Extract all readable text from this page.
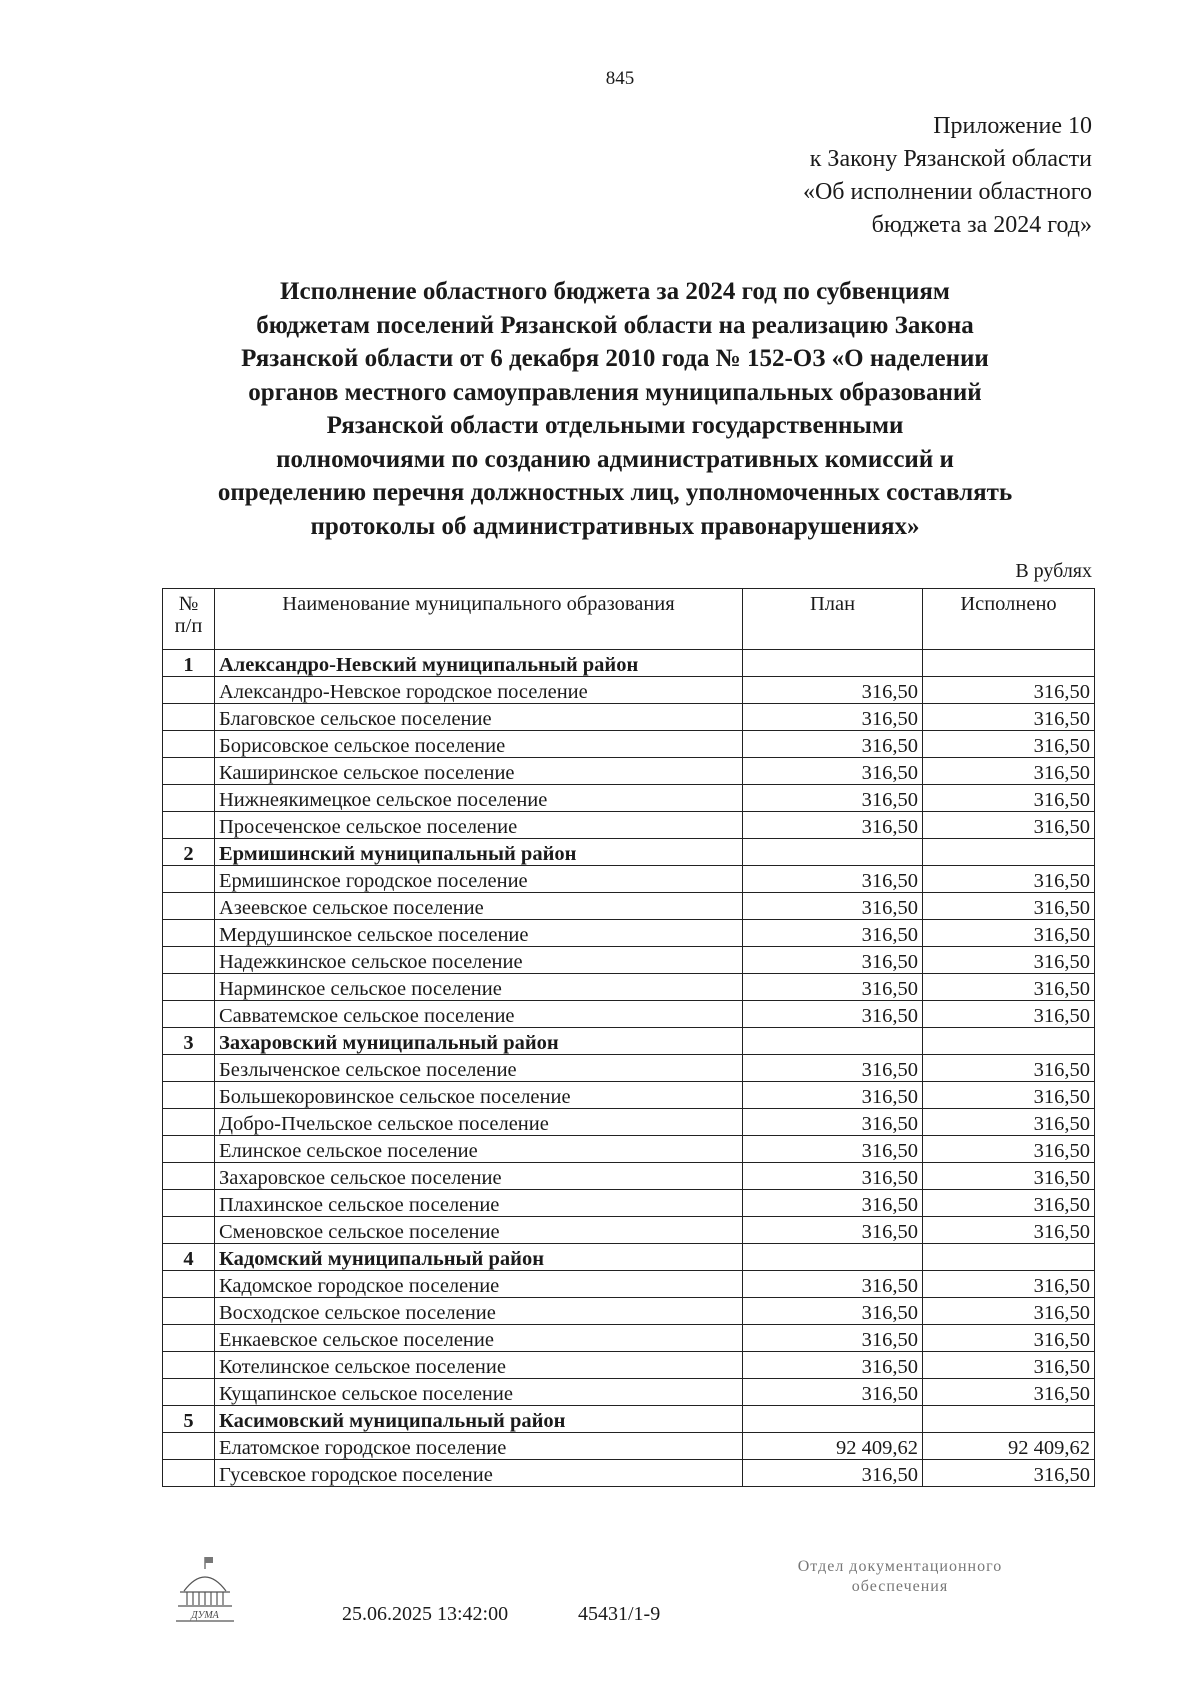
845
Приложение 10
к Закону Рязанской области
«Об исполнении областного
бюджета за 2024 год»
Исполнение областного бюджета за 2024 год по субвенциям
бюджетам поселений Рязанской области на реализацию Закона
Рязанской области от 6 декабря 2010 года № 152-ОЗ «О наделении
органов местного самоуправления муниципальных образований
Рязанской области отдельными государственными
полномочиями по созданию административных комиссий и
определению перечня должностных лиц, уполномоченных составлять
протоколы об административных правонарушениях»
В рублях
№
п/п	Наименование муниципального образования	План	Исполнено
1	Александро-Невский муниципальный район		
	Александро-Невское городское поселение	316,50	316,50
	Благовское сельское поселение	316,50	316,50
	Борисовское сельское поселение	316,50	316,50
	Каширинское сельское поселение	316,50	316,50
	Нижнеякимецкое сельское поселение	316,50	316,50
	Просеченское сельское поселение	316,50	316,50
2	Ермишинский муниципальный район		
	Ермишинское городское поселение	316,50	316,50
	Азеевское сельское поселение	316,50	316,50
	Мердушинское сельское поселение	316,50	316,50
	Надежкинское сельское поселение	316,50	316,50
	Нарминское сельское поселение	316,50	316,50
	Савватемское сельское поселение	316,50	316,50
3	Захаровский муниципальный район		
	Безлыченское сельское поселение	316,50	316,50
	Большекоровинское сельское поселение	316,50	316,50
	Добро-Пчельское сельское поселение	316,50	316,50
	Елинское сельское поселение	316,50	316,50
	Захаровское сельское поселение	316,50	316,50
	Плахинское сельское поселение	316,50	316,50
	Сменовское сельское поселение	316,50	316,50
4	Кадомский муниципальный район		
	Кадомское городское поселение	316,50	316,50
	Восходское сельское поселение	316,50	316,50
	Енкаевское сельское поселение	316,50	316,50
	Котелинское сельское поселение	316,50	316,50
	Кущапинское сельское поселение	316,50	316,50
5	Касимовский муниципальный район		
	Елатомское городское поселение	92 409,62	92 409,62
	Гусевское городское поселение	316,50	316,50
ДУМА	25.06.2025 13:42:00	45431/1-9
Отдел документационного
обеспечения
